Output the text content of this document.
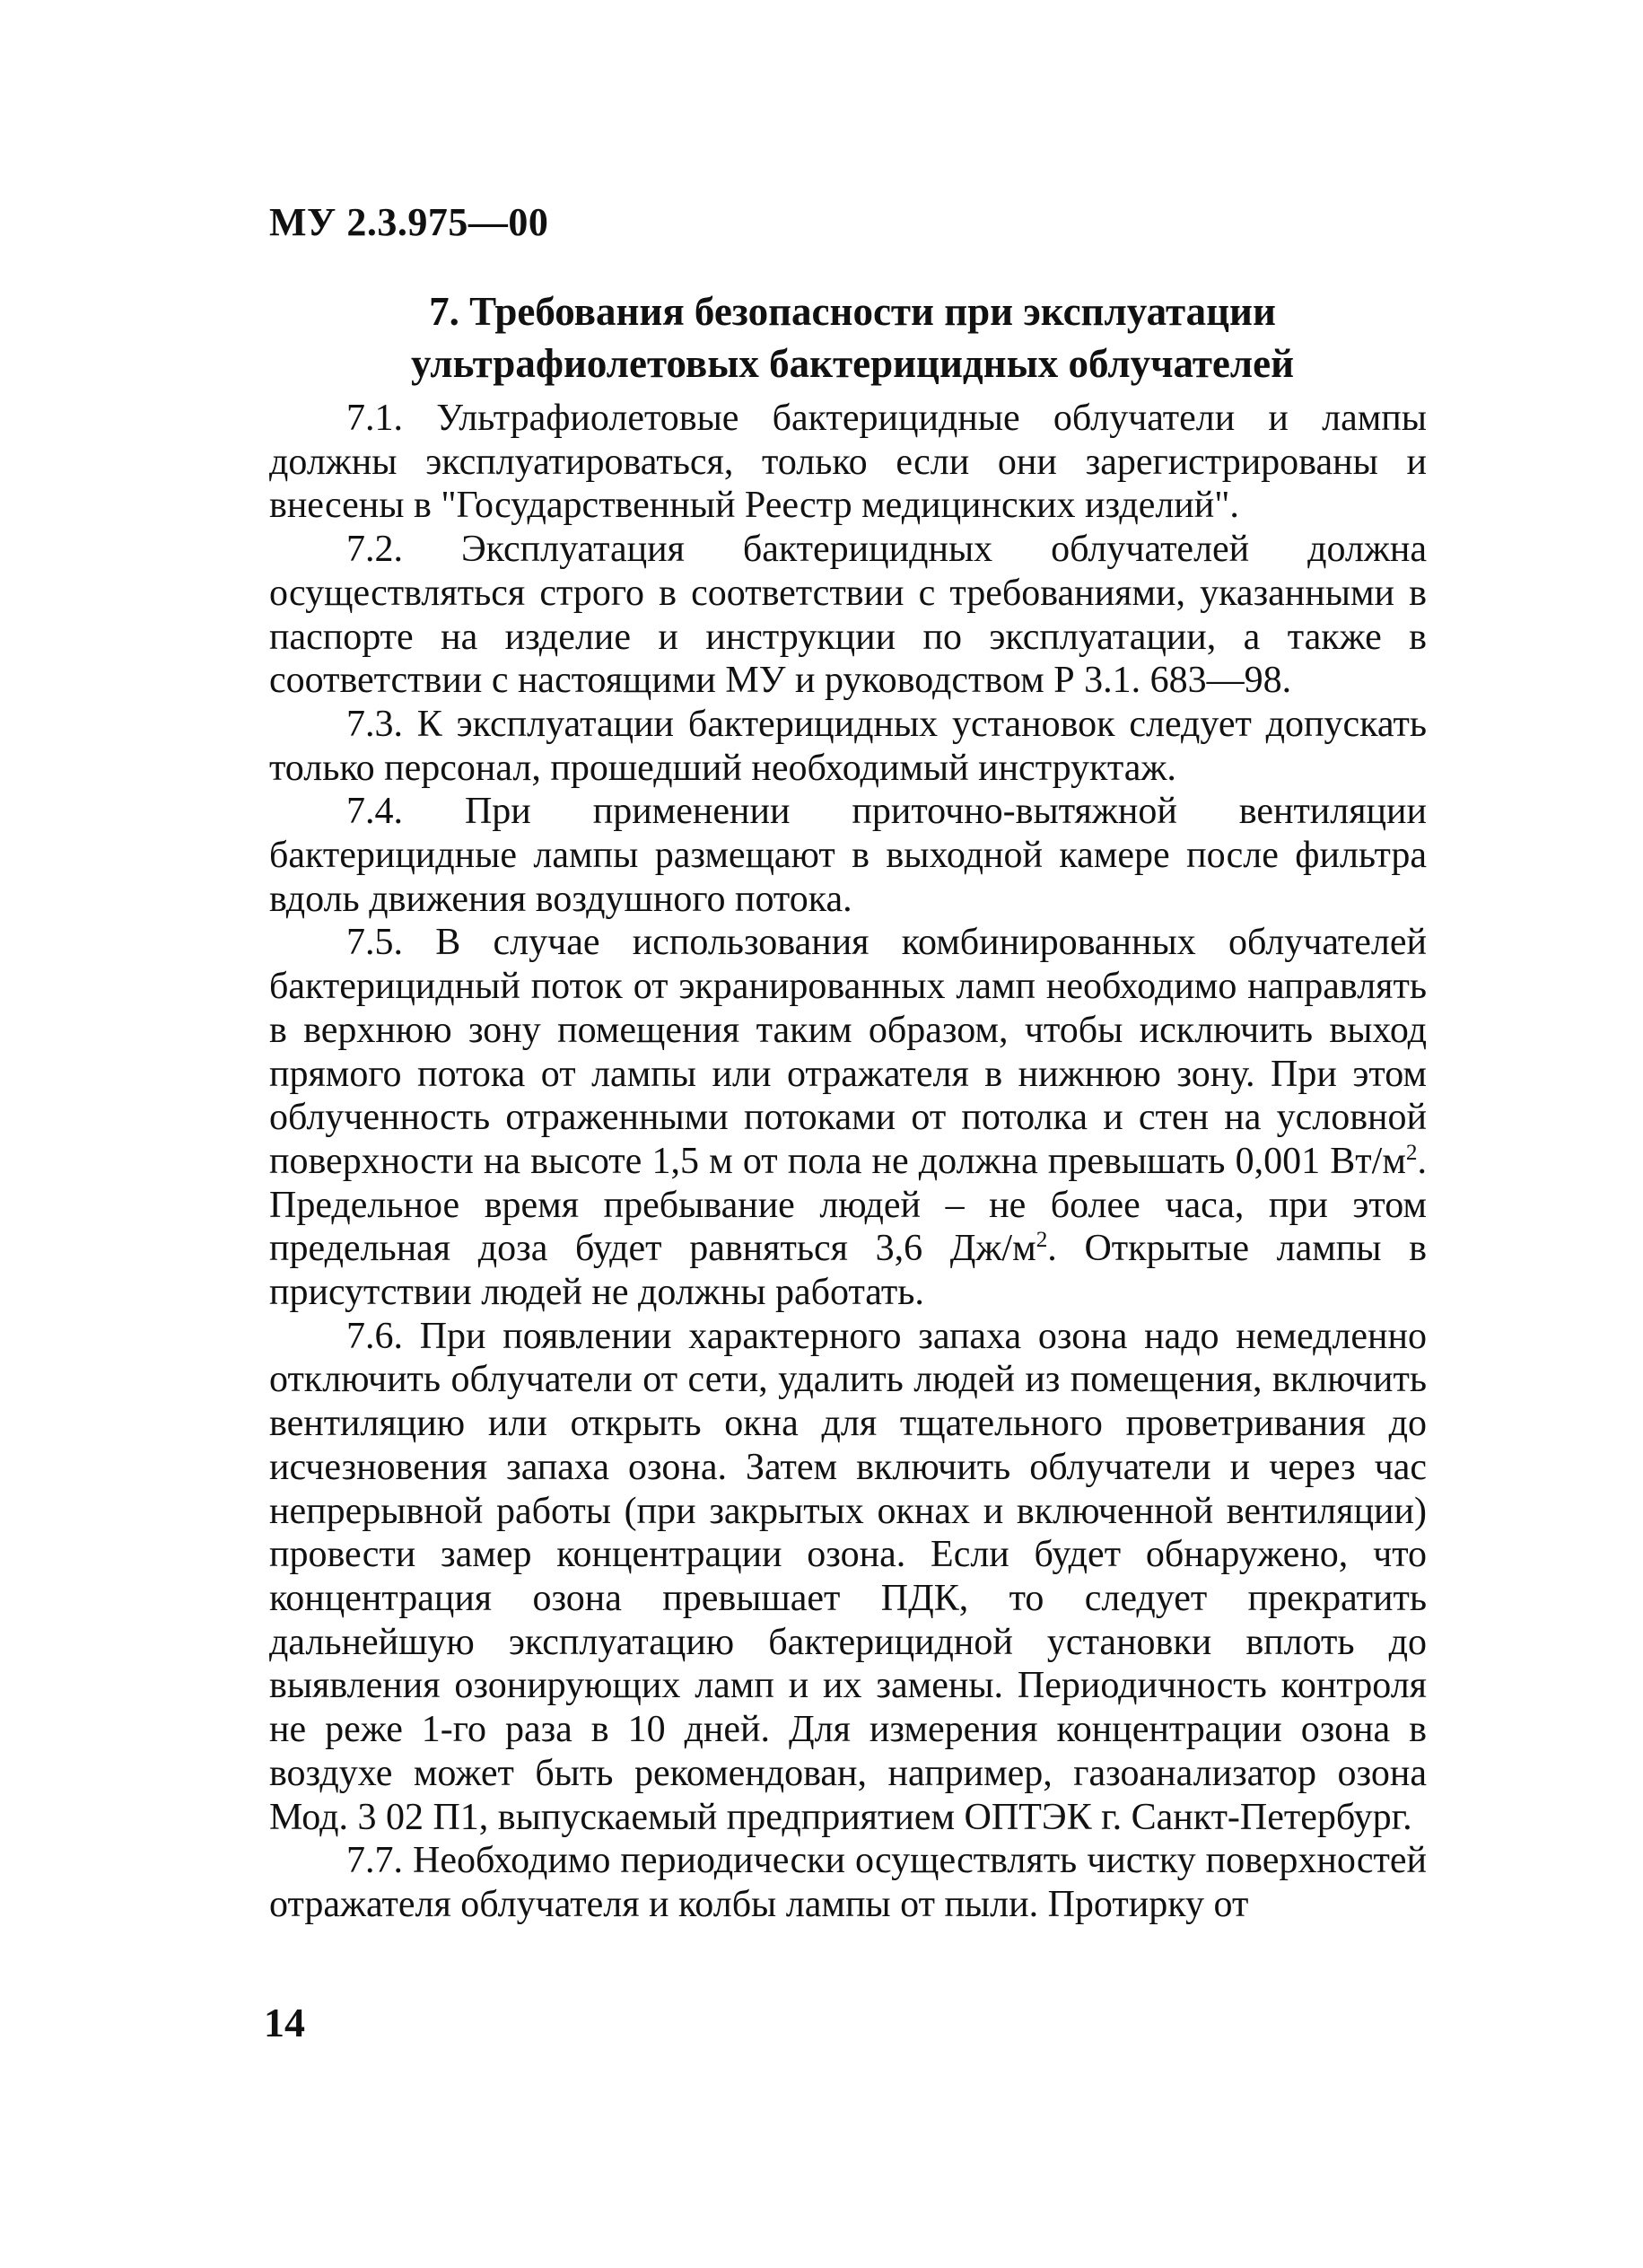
МУ 2.3.975—00
7. Требования безопасности при эксплуатации
ультрафиолетовых бактерицидных облучателей

7.1. Ультрафиолетовые бактерицидные облучатели и лампы должны эксплуатироваться, только если они зарегистрированы и внесены в "Государственный Реестр медицинских изделий".

7.2. Эксплуатация бактерицидных облучателей должна осуществляться строго в соответствии с требованиями, указанными в паспорте на изделие и инструкции по эксплуатации, а также в соответствии с настоящими МУ и руководством Р 3.1. 683—98.

7.3. К эксплуатации бактерицидных установок следует допускать только персонал, прошедший необходимый инструктаж.

7.4. При применении приточно-вытяжной вентиляции бактерицидные лампы размещают в выходной камере после фильтра вдоль движения воздушного потока.

7.5. В случае использования комбинированных облучателей бактерицидный поток от экранированных ламп необходимо направлять в верхнюю зону помещения таким образом, чтобы исключить выход прямого потока от лампы или отражателя в нижнюю зону. При этом облученность отраженными потоками от потолка и стен на условной поверхности на высоте 1,5 м от пола не должна превышать 0,001 $Вт/м^2$. Предельное время пребывание людей – не более часа, при этом предельная доза будет равняться 3,6 $Дж/м^2$. Открытые лампы в присутствии людей не должны работать.

7.6. При появлении характерного запаха озона надо немедленно отключить облучатели от сети, удалить людей из помещения, включить вентиляцию или открыть окна для тщательного проветривания до исчезновения запаха озона. Затем включить облучатели и через час непрерывной работы (при закрытых окнах и включенной вентиляции) провести замер концентрации озона. Если будет обнаружено, что концентрация озона превышает ПДК, то следует прекратить дальнейшую эксплуатацию бактерицидной установки вплоть до выявления озонирующих ламп и их замены. Периодичность контроля не реже 1-го раза в 10 дней. Для измерения концентрации озона в воздухе может быть рекомендован, например, газоанализатор озона Мод. 3 02 П1, выпускаемый предприятием ОПТЭК г. Санкт-Петербург.

7.7. Необходимо периодически осуществлять чистку поверхностей отражателя облучателя и колбы лампы от пыли. Протирку от

14
